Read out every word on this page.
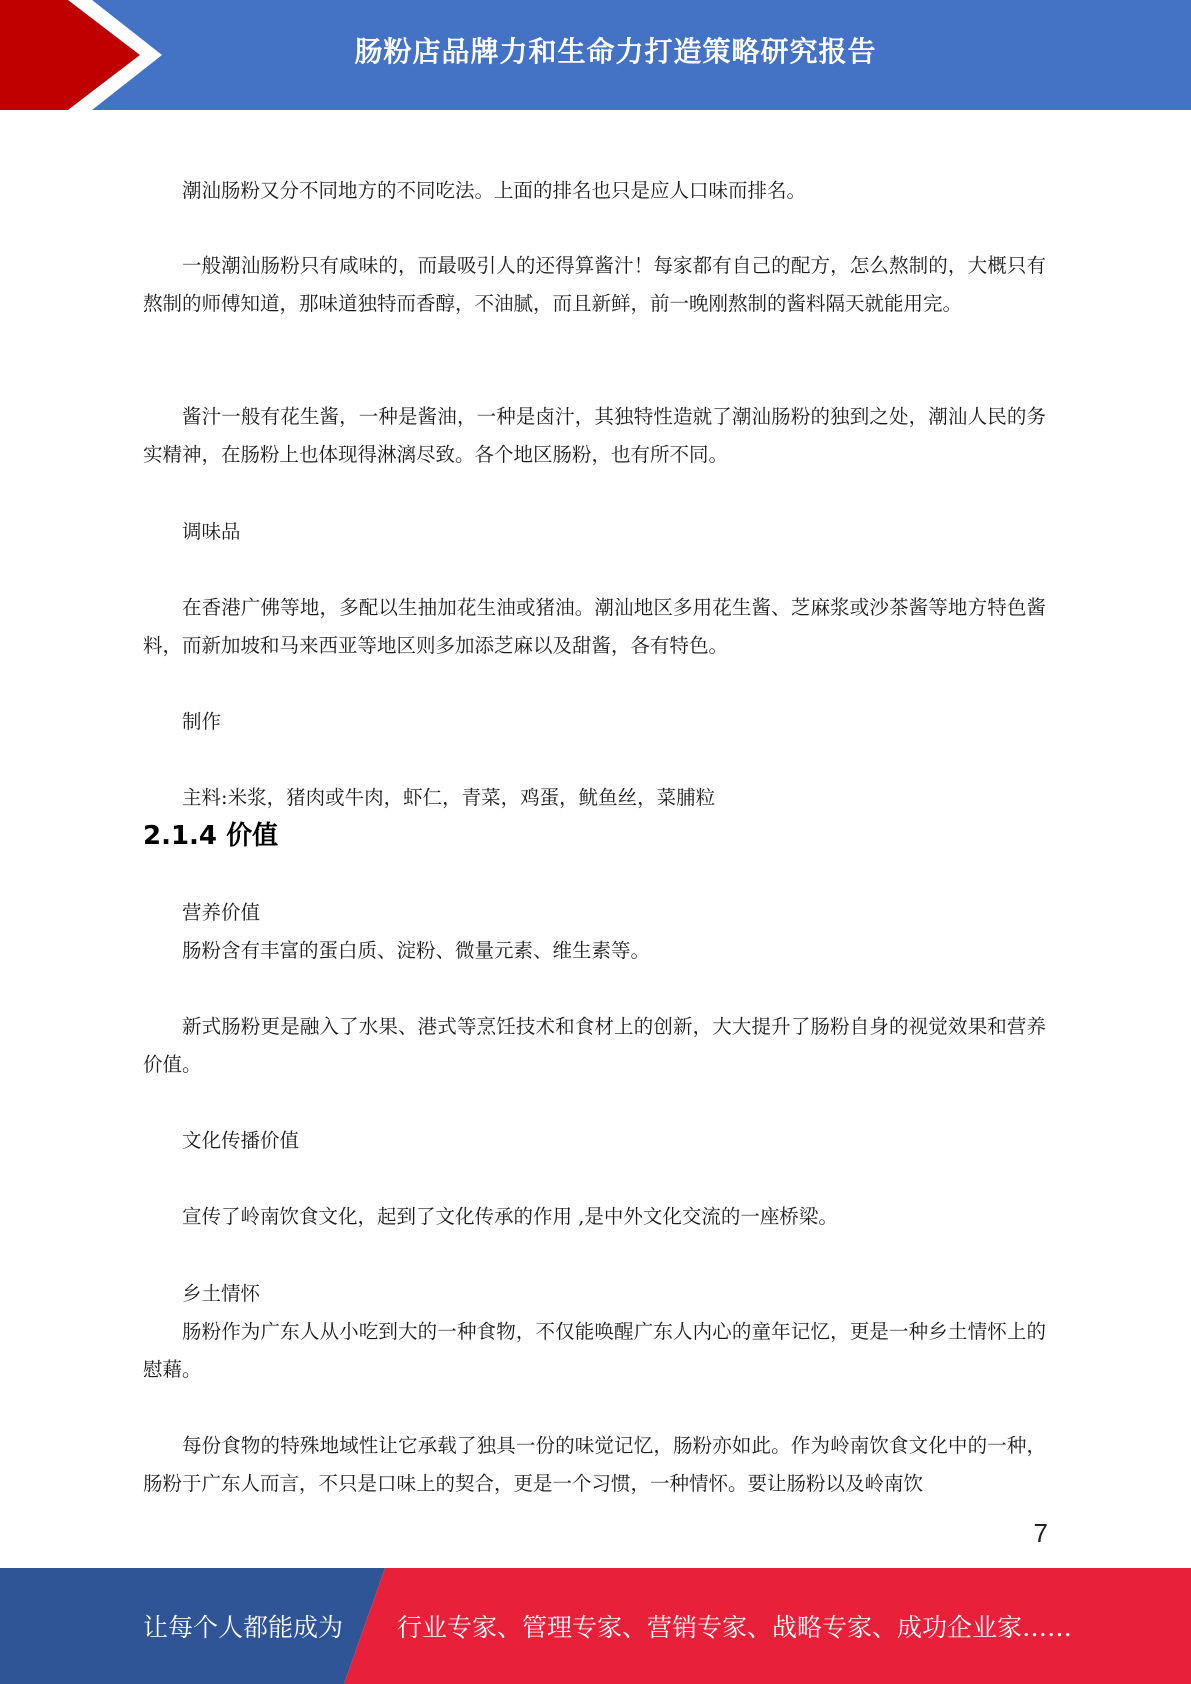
肠粉店品牌力和生命力打造策略研究报告

潮汕肠粉又分不同地方的不同吃法。上面的排名也只是应人口味而排名。

一般潮汕肠粉只有咸味的，而最吸引人的还得算酱汁！每家都有自己的配方，怎么熬制的，大概只有熬制的师傅知道，那味道独特而香醇，不油腻，而且新鲜，前一晚刚熬制的酱料隔天就能用完。

酱汁一般有花生酱，一种是酱油，一种是卤汁，其独特性造就了潮汕肠粉的独到之处，潮汕人民的务实精神，在肠粉上也体现得淋漓尽致。各个地区肠粉，也有所不同。

调味品

在香港广佛等地，多配以生抽加花生油或猪油。潮汕地区多用花生酱、芝麻浆或沙茶酱等地方特色酱料，而新加坡和马来西亚等地区则多加添芝麻以及甜酱，各有特色。

制作

主料:米浆，猪肉或牛肉，虾仁，青菜，鸡蛋，鱿鱼丝，菜脯粒

2.1.4 价值

营养价值

肠粉含有丰富的蛋白质、淀粉、微量元素、维生素等。

新式肠粉更是融入了水果、港式等烹饪技术和食材上的创新，大大提升了肠粉自身的视觉效果和营养价值。

文化传播价值

宣传了岭南饮食文化，起到了文化传承的作用 ,是中外文化交流的一座桥梁。

乡土情怀

肠粉作为广东人从小吃到大的一种食物，不仅能唤醒广东人内心的童年记忆，更是一种乡土情怀上的慰藉。

每份食物的特殊地域性让它承载了独具一份的味觉记忆，肠粉亦如此。作为岭南饮食文化中的一种，肠粉于广东人而言，不只是口味上的契合，更是一个习惯，一种情怀。要让肠粉以及岭南饮

7
让每个人都能成为 行业专家、管理专家、营销专家、战略专家、成功企业家……
